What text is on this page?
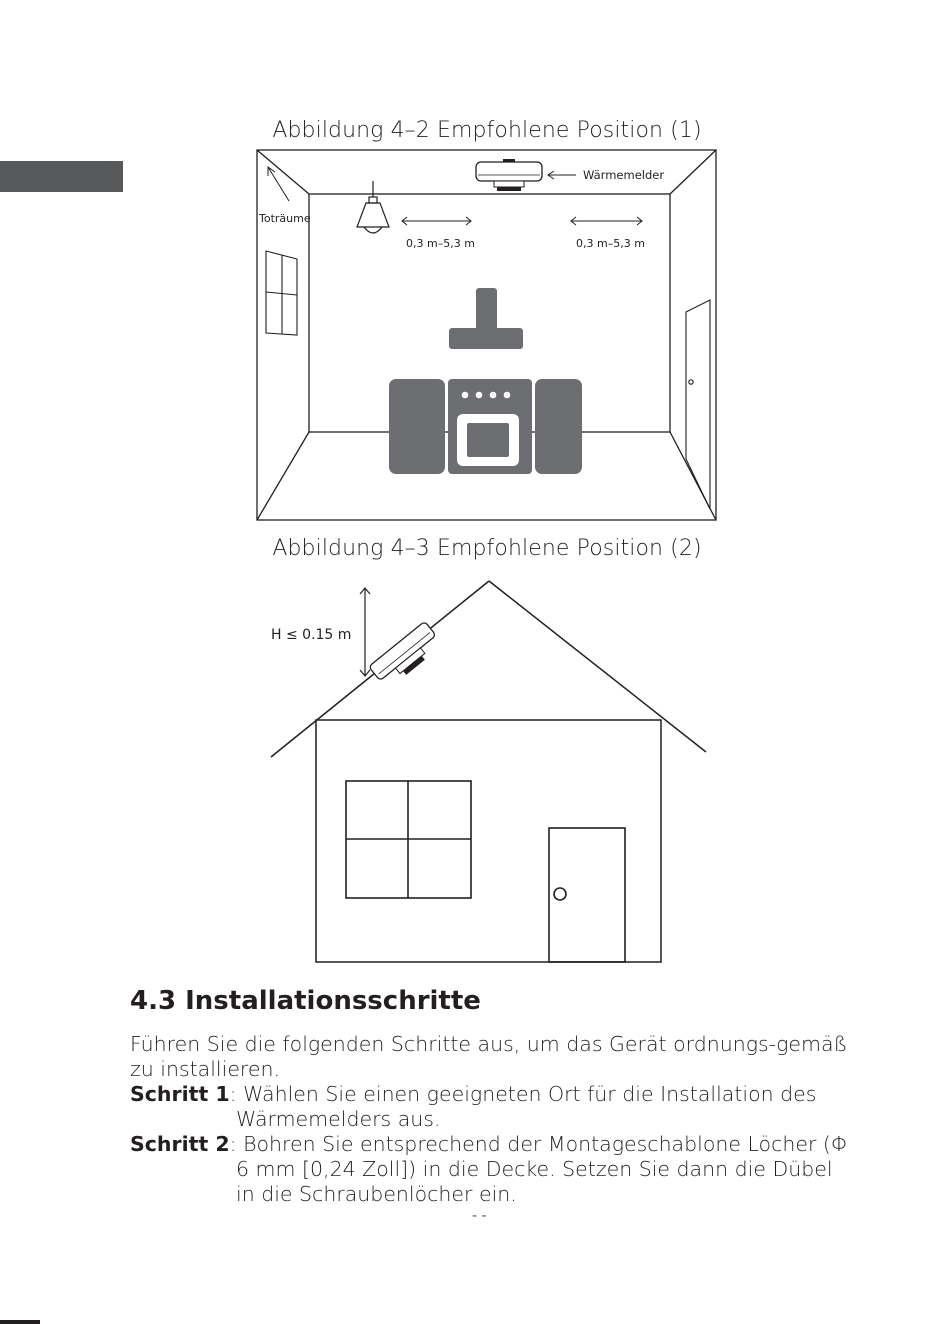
Abbildung 4–2 Empfohlene Position (1)
Toträume
Wärmemelder
0,3 m–5,3 m	0,3 m–5,3 m
Abbildung 4–3 Empfohlene Position (2)
H ≤ 0.15 m
4.3 Installationsschritte

Führen Sie die folgenden Schritte aus, um das Gerät ordnungs-gemäß zu installieren.

Schritt 1: Wählen Sie einen geeigneten Ort für die Installation des Wärmemelders aus.

Schritt 2: Bohren Sie entsprechend der Montageschablone Löcher (Φ 6 mm [0,24 Zoll]) in die Decke. Setzen Sie dann die Dübel in die Schraubenlöcher ein.

- -
